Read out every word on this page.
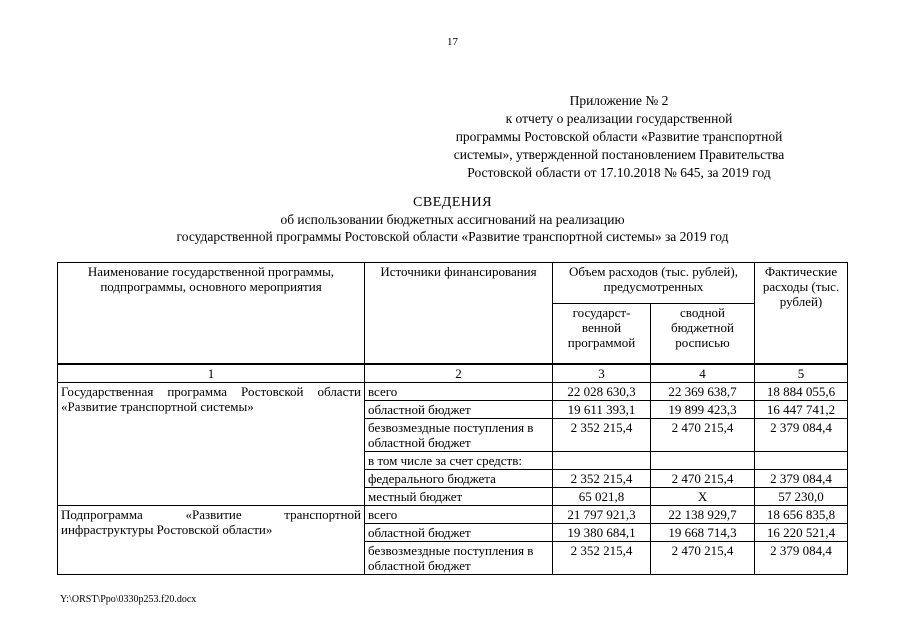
17
Приложение № 2
к отчету о реализации государственной
программы Ростовской области «Развитие транспортной
системы», утвержденной постановлением Правительства
Ростовской области от 17.10.2018 № 645, за 2019 год
СВЕДЕНИЯ
об использовании бюджетных ассигнований на реализацию
государственной программы Ростовской области «Развитие транспортной системы» за 2019 год
Наименование государственной программы, подпрограммы, основного мероприятия	Источники финансирования	Объем расходов (тыс. рублей), предусмотренных		Фактические расходы (тыс. рублей)
		государст-венной программой	сводной бюджетной росписью	
1	2	3	4	5
Государственная программа Ростовской области «Развитие транспортной системы»	всего	22 028 630,3	22 369 638,7	18 884 055,6
	областной бюджет	19 611 393,1	19 899 423,3	16 447 741,2
	безвозмездные поступления в областной бюджет	2 352 215,4	2 470 215,4	2 379 084,4
	в том числе за счет средств:			
	федерального бюджета	2 352 215,4	2 470 215,4	2 379 084,4
	местный бюджет	65 021,8	Х	57 230,0
Подпрограмма «Развитие транспортной инфраструктуры Ростовской области»	всего	21 797 921,3	22 138 929,7	18 656 835,8
	областной бюджет	19 380 684,1	19 668 714,3	16 220 521,4
	безвозмездные поступления в областной бюджет	2 352 215,4	2 470 215,4	2 379 084,4
Y:\ORST\Ppo\0330p253.f20.docx
